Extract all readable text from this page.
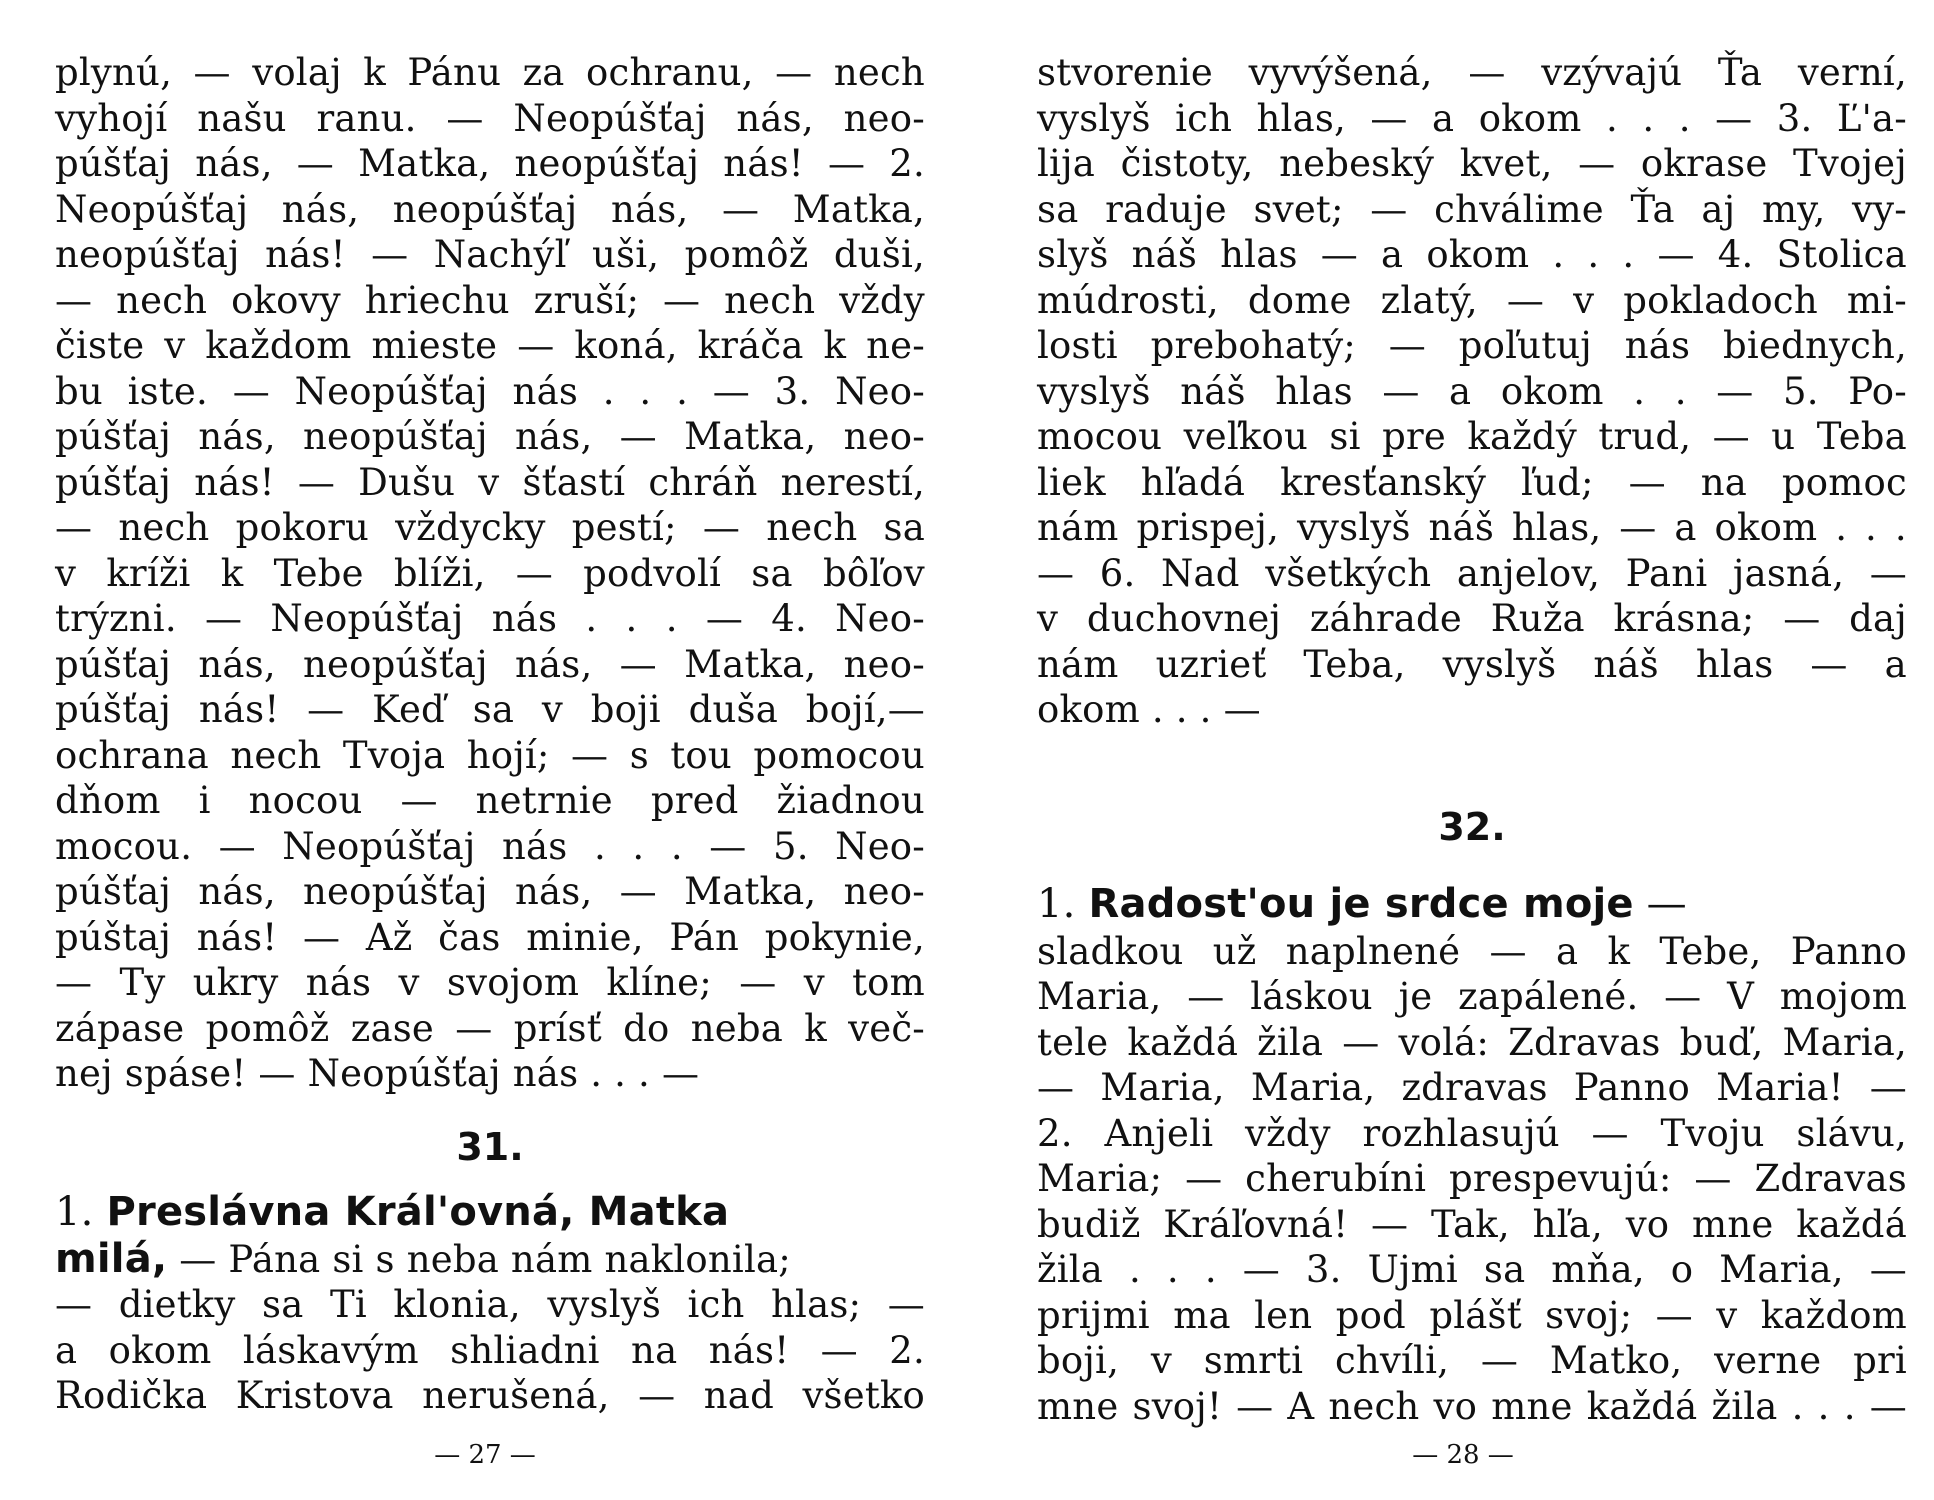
plynú, — volaj k Pánu za ochranu, — nech
vyhojí našu ranu. — Neopúšťaj nás, neo-
púšťaj nás, — Matka, neopúšťaj nás! — 2.
Neopúšťaj nás, neopúšťaj nás, — Matka,
neopúšťaj nás! — Nachýľ uši, pomôž duši,
— nech okovy hriechu zruší; — nech vždy
čiste v každom mieste — koná, kráča k ne-
bu iste. — Neopúšťaj nás . . . — 3. Neo-
púšťaj nás, neopúšťaj nás, — Matka, neo-
púšťaj nás! — Dušu v šťastí chráň nerestí,
— nech pokoru vždycky pestí; — nech sa
v kríži k Tebe blíži, — podvolí sa bôľov
trýzni. — Neopúšťaj nás . . . — 4. Neo-
púšťaj nás, neopúšťaj nás, — Matka, neo-
púšťaj nás! — Keď sa v boji duša bojí,—
ochrana nech Tvoja hojí; — s tou pomocou
dňom i nocou — netrnie pred žiadnou
mocou. — Neopúšťaj nás . . . — 5. Neo-
púšťaj nás, neopúšťaj nás, — Matka, neo-
púštaj nás! — Až čas minie, Pán pokynie,
— Ty ukry nás v svojom klíne; — v tom
zápase pomôž zase — prísť do neba k več-
nej spáse! — Neopúšťaj nás . . . —
31.
1. Preslávna Král'ovná, Matka
milá, — Pána si s neba nám naklonila;
— dietky sa Ti klonia, vyslyš ich hlas; —
a okom láskavým shliadni na nás! — 2.
Rodička Kristova nerušená, — nad všetko
stvorenie vyvýšená, — vzývajú Ťa verní,
vyslyš ich hlas, — a okom . . . — 3. Ľ'a-
lija čistoty, nebeský kvet, — okrase Tvojej
sa raduje svet; — chválime Ťa aj my, vy-
slyš náš hlas — a okom . . . — 4. Stolica
múdrosti, dome zlatý, — v pokladoch mi-
losti prebohatý; — poľutuj nás biednych,
vyslyš náš hlas — a okom . . — 5. Po-
mocou veľkou si pre každý trud, — u Teba
liek hľadá kresťanský ľud; — na pomoc
nám prispej, vyslyš náš hlas, — a okom . . .
— 6. Nad všetkých anjelov, Pani jasná, —
v duchovnej záhrade Ruža krásna; — daj
nám uzrieť Teba, vyslyš náš hlas — a
okom . . . —
32.
1. Radost'ou je srdce moje —
sladkou už naplnené — a k Tebe, Panno
Maria, — láskou je zapálené. — V mojom
tele každá žila — volá: Zdravas buď, Maria,
— Maria, Maria, zdravas Panno Maria! —
2. Anjeli vždy rozhlasujú — Tvoju slávu,
Maria; — cherubíni prespevujú: — Zdravas
budiž Kráľovná! — Tak, hľa, vo mne každá
žila . . . — 3. Ujmi sa mňa, o Maria, —
prijmi ma len pod plášť svoj; — v každom
boji, v smrti chvíli, — Matko, verne pri
mne svoj! — A nech vo mne každá žila . . . —
— 27 —	— 28 —
